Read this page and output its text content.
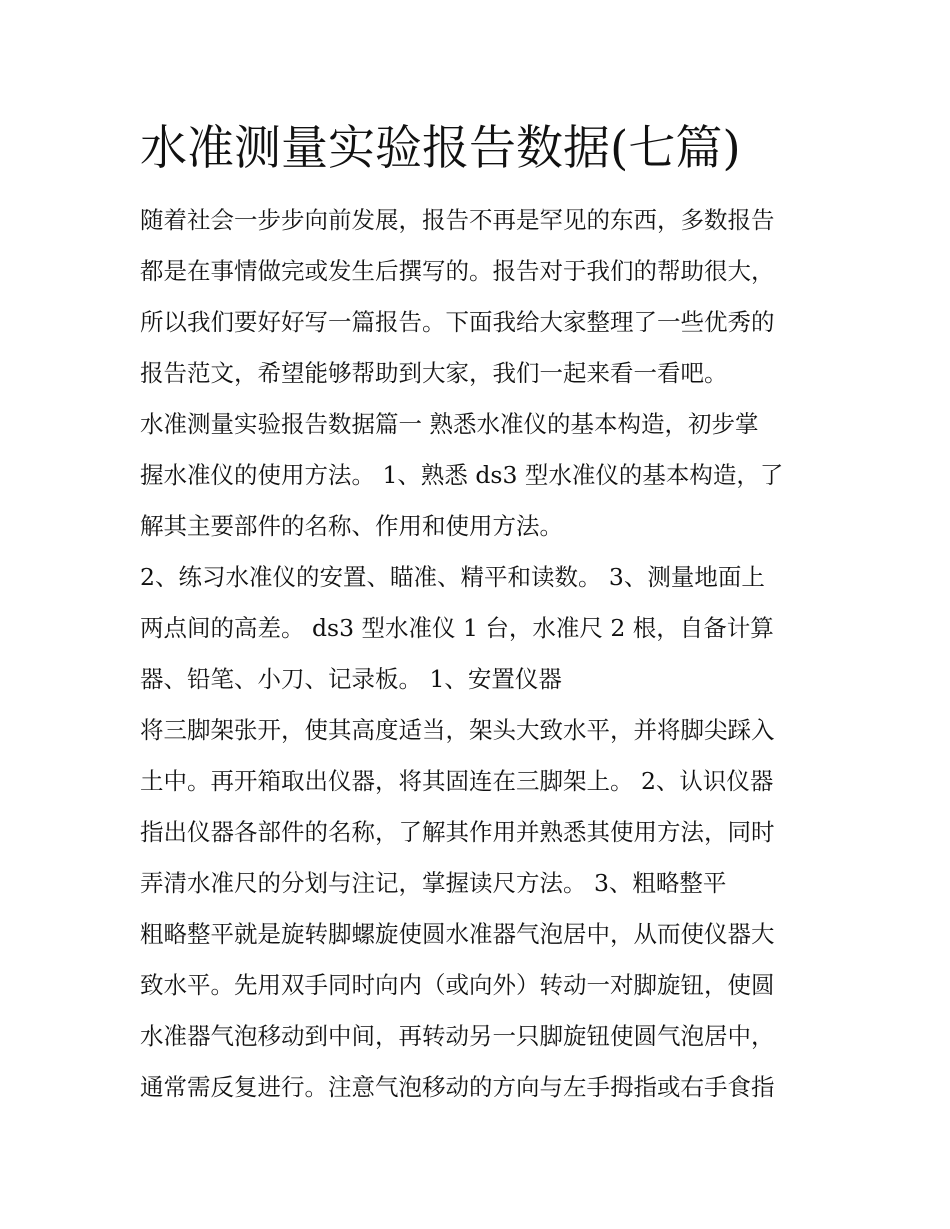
水准测量实验报告数据(七篇)
随着社会一步步向前发展，报告不再是罕见的东西，多数报告
都是在事情做完或发生后撰写的。报告对于我们的帮助很大，
所以我们要好好写一篇报告。下面我给大家整理了一些优秀的
报告范文，希望能够帮助到大家，我们一起来看一看吧。
水准测量实验报告数据篇一 熟悉水准仪的基本构造，初步掌
握水准仪的使用方法。 1、熟悉 ds3 型水准仪的基本构造，了
解其主要部件的名称、作用和使用方法。
2、练习水准仪的安置、瞄准、精平和读数。 3、测量地面上
两点间的高差。 ds3 型水准仪 1 台，水准尺 2 根，自备计算
器、铅笔、小刀、记录板。 1、安置仪器
将三脚架张开，使其高度适当，架头大致水平，并将脚尖踩入
土中。再开箱取出仪器，将其固连在三脚架上。 2、认识仪器
指出仪器各部件的名称，了解其作用并熟悉其使用方法，同时
弄清水准尺的分划与注记，掌握读尺方法。 3、粗略整平
粗略整平就是旋转脚螺旋使圆水准器气泡居中，从而使仪器大
致水平。先用双手同时向内（或向外）转动一对脚旋钮，使圆
水准器气泡移动到中间，再转动另一只脚旋钮使圆气泡居中，
通常需反复进行。注意气泡移动的方向与左手拇指或右手食指
